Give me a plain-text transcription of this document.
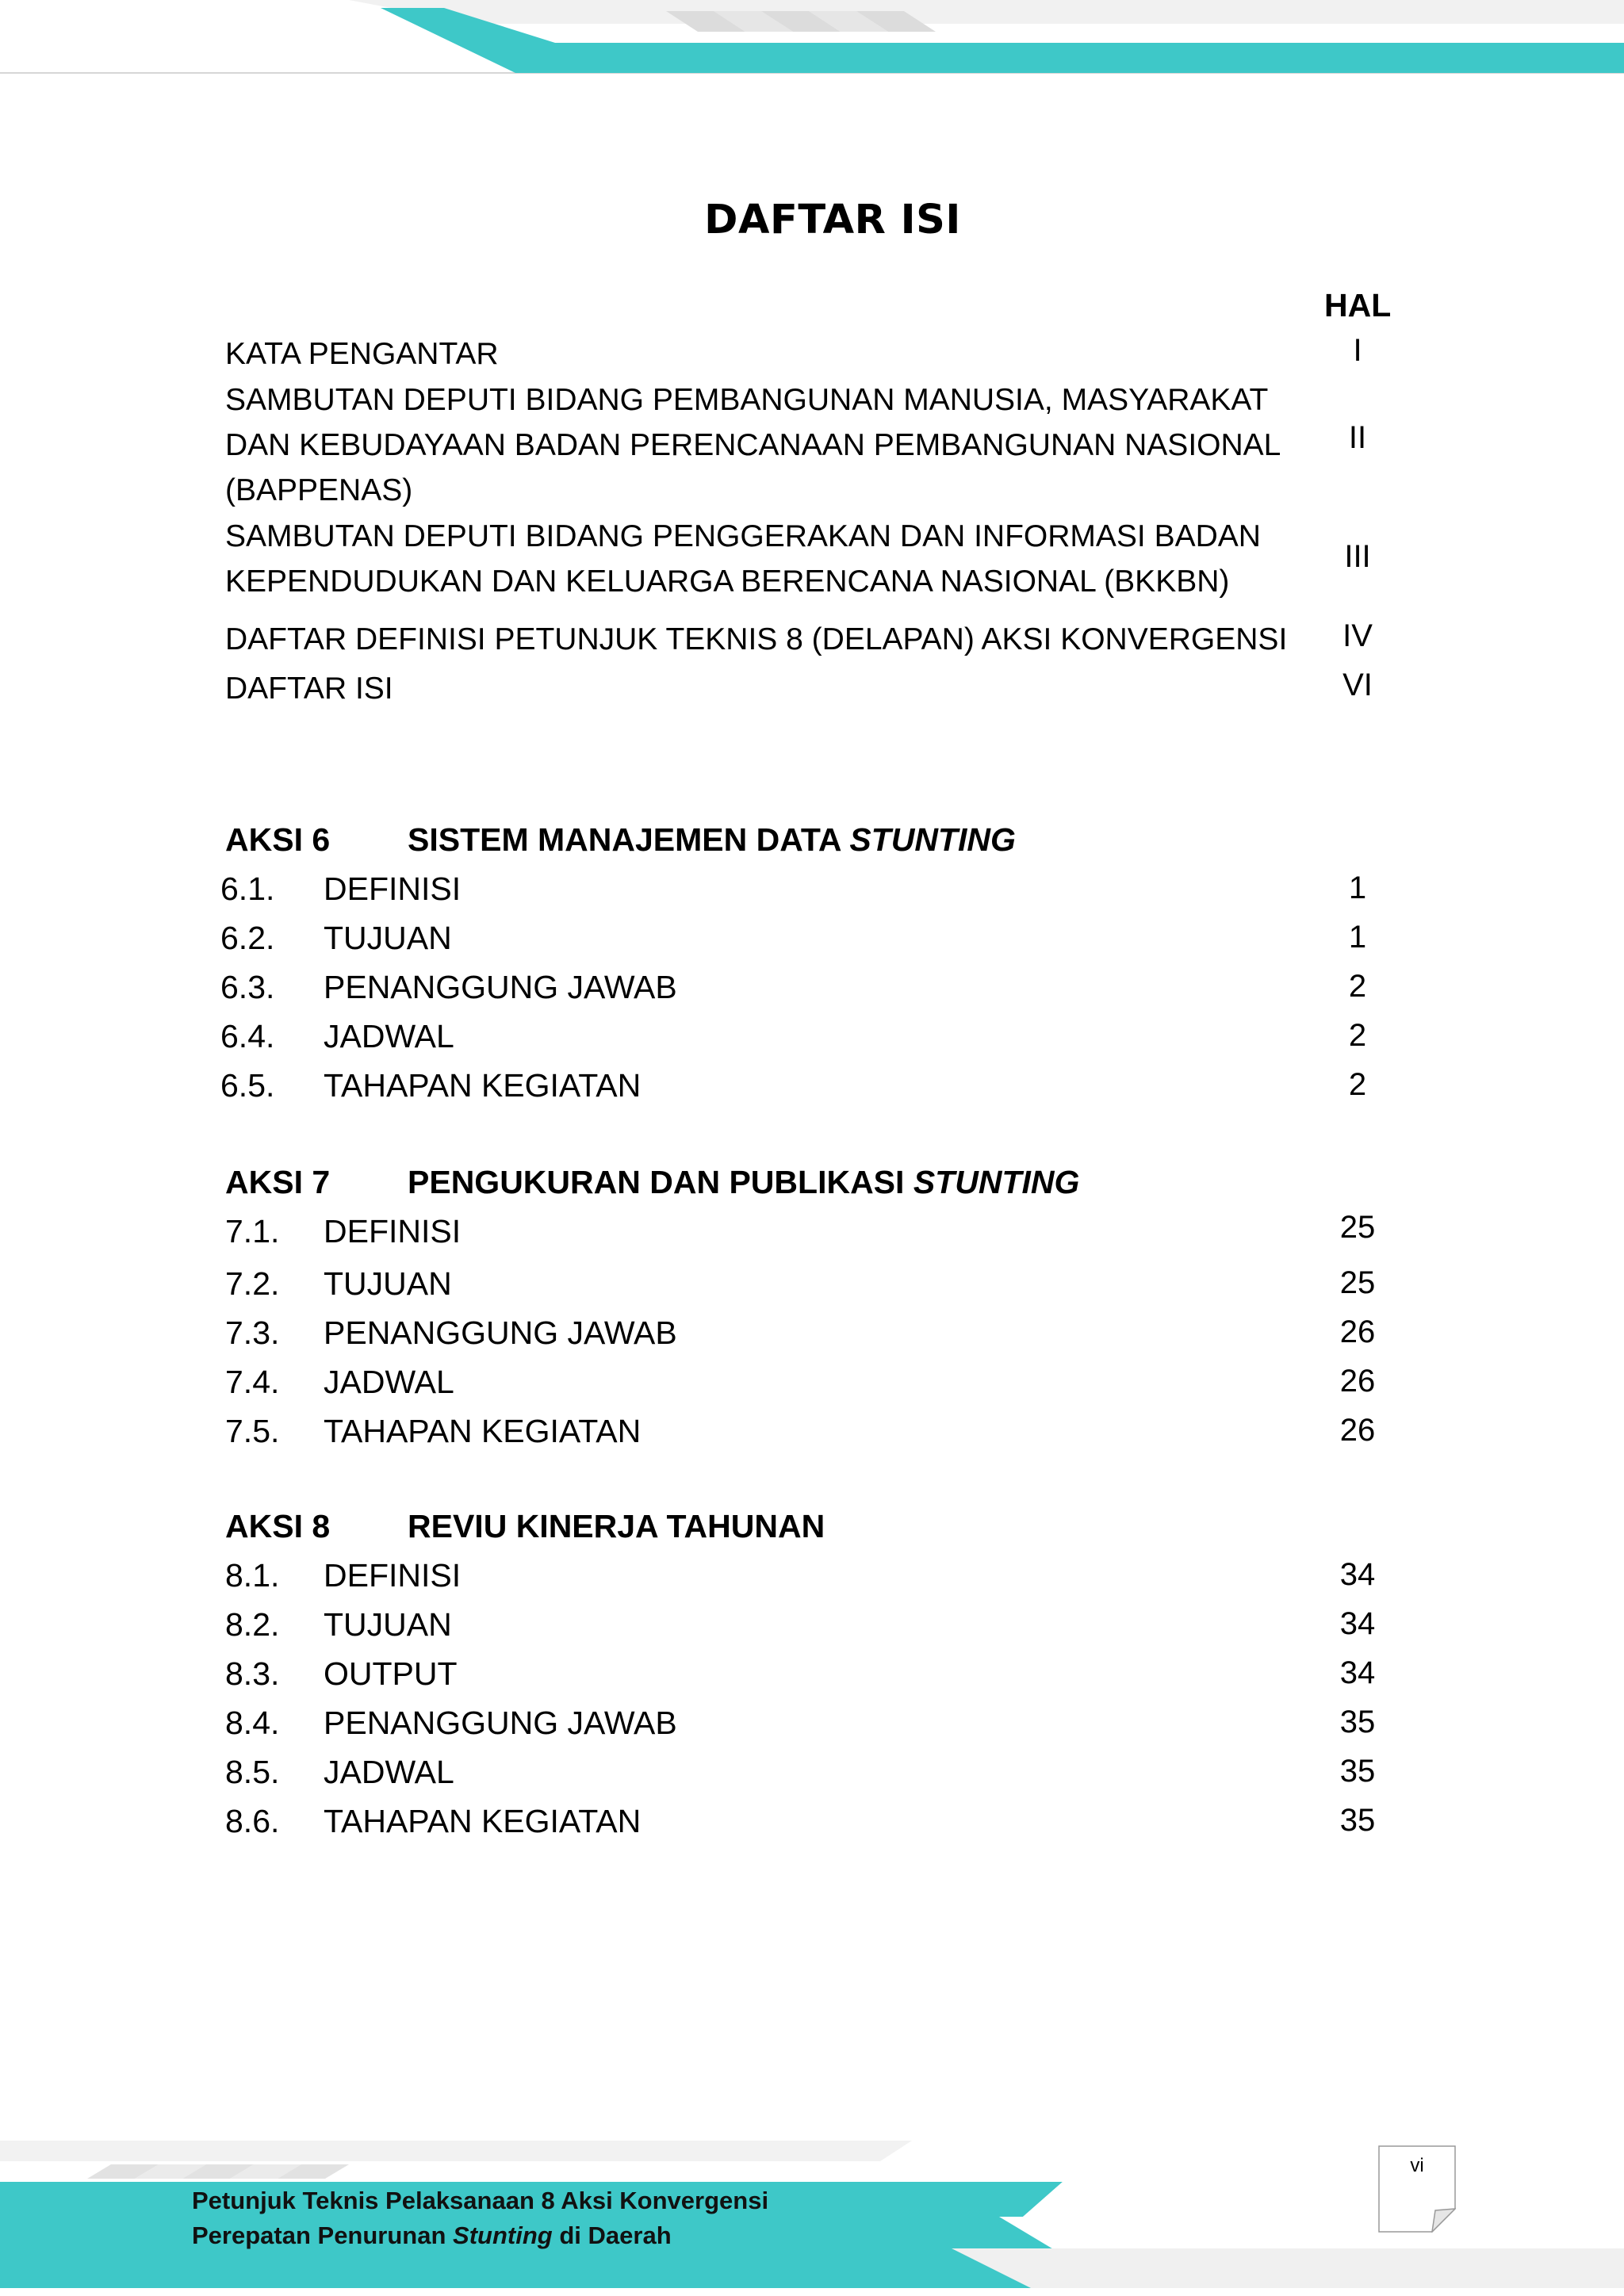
DAFTAR ISI
HAL
KATA PENGANTAR	I
SAMBUTAN DEPUTI BIDANG PEMBANGUNAN MANUSIA, MASYARAKAT
DAN KEBUDAYAAN BADAN PERENCANAAN PEMBANGUNAN NASIONAL
(BAPPENAS)
II
SAMBUTAN DEPUTI BIDANG PENGGERAKAN DAN INFORMASI BADAN
KEPENDUDUKAN DAN KELUARGA BERENCANA NASIONAL (BKKBN)
III
DAFTAR DEFINISI PETUNJUK TEKNIS 8 (DELAPAN) AKSI KONVERGENSI	IV
DAFTAR ISI	VI
AKSI 6 SISTEM MANAJEMEN DATA STUNTING
6.1. DEFINISI	1
6.2. TUJUAN	1
6.3. PENANGGUNG JAWAB	2
6.4. JADWAL	2
6.5. TAHAPAN KEGIATAN	2
AKSI 7 PENGUKURAN DAN PUBLIKASI STUNTING
7.1. DEFINISI	25
7.2. TUJUAN	25
7.3. PENANGGUNG JAWAB	26
7.4. JADWAL	26
7.5. TAHAPAN KEGIATAN	26
AKSI 8 REVIU KINERJA TAHUNAN
8.1. DEFINISI	34
8.2. TUJUAN	34
8.3. OUTPUT	34
8.4. PENANGGUNG JAWAB	35
8.5. JADWAL	35
8.6. TAHAPAN KEGIATAN	35
Petunjuk Teknis Pelaksanaan 8 Aksi Konvergensi
Perepatan Penurunan Stunting di Daerah
vi
